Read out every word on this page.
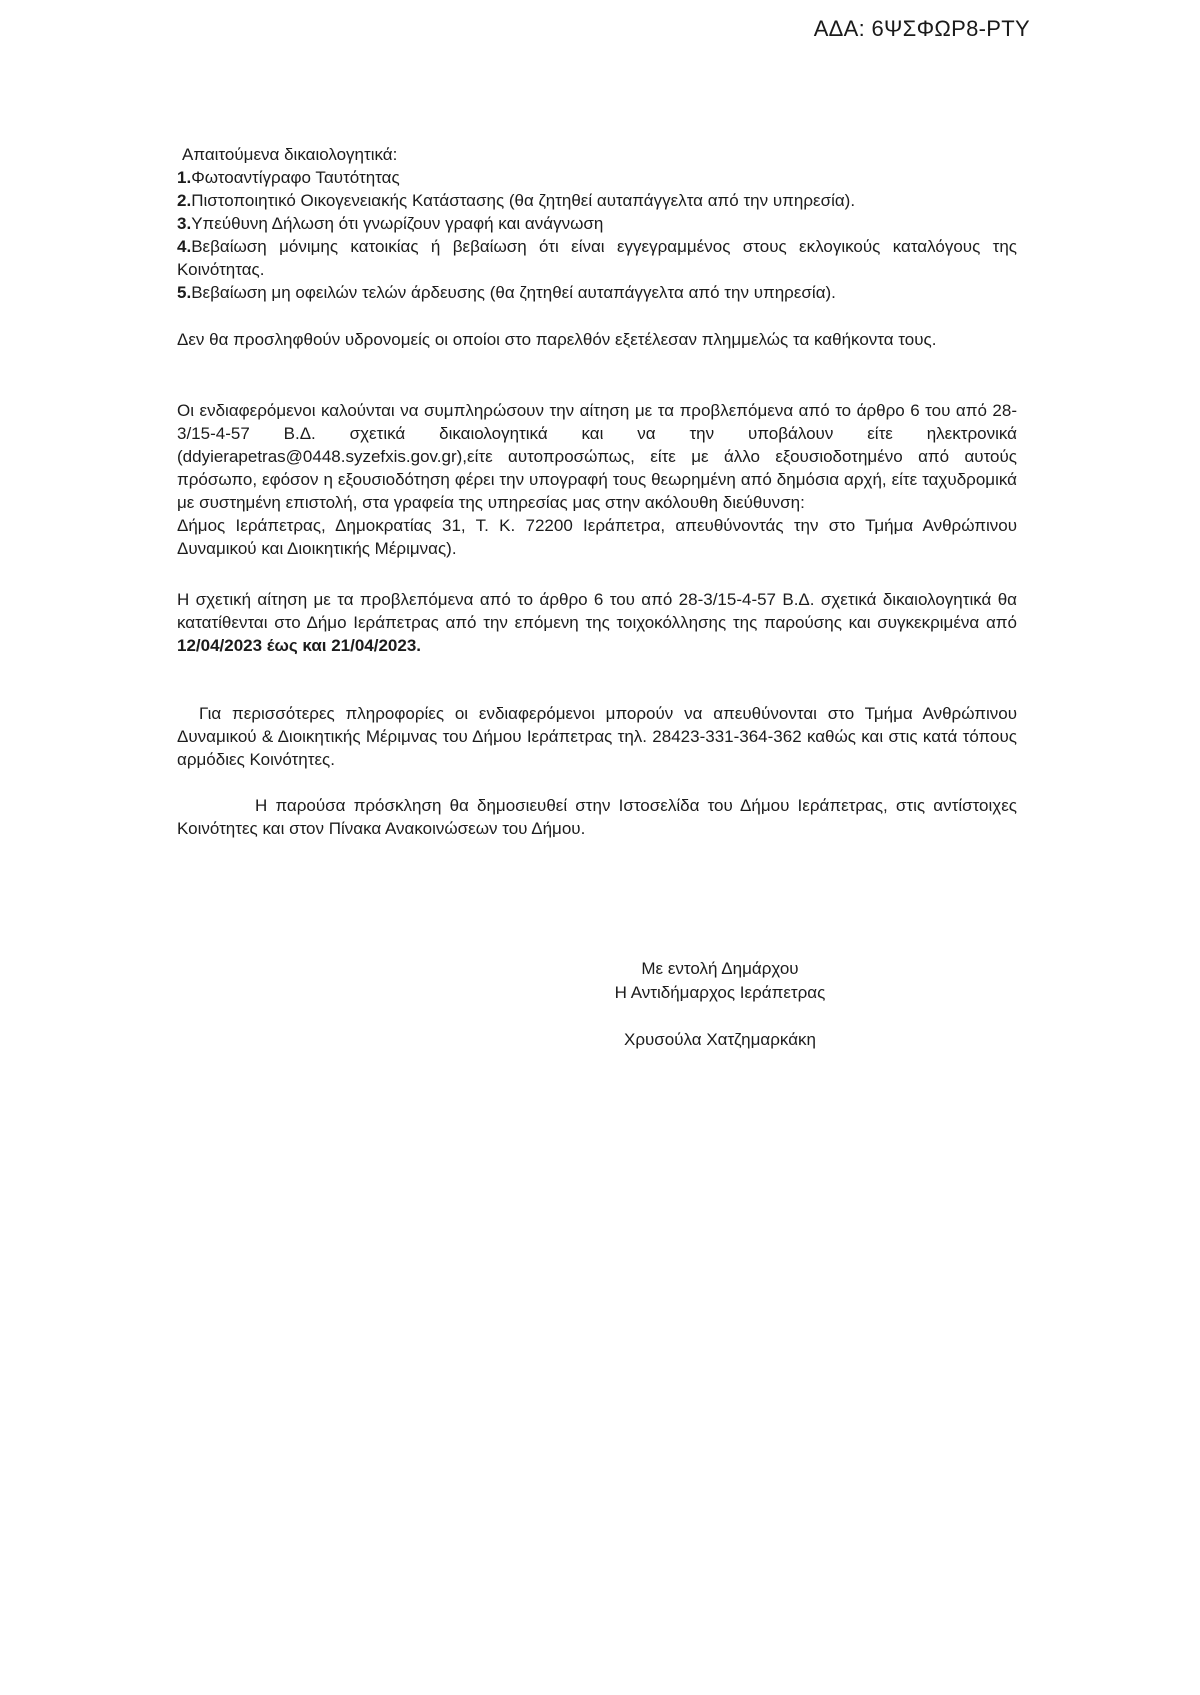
ΑΔΑ: 6ΨΣΦΩΡ8-ΡΤΥ
Απαιτούμενα δικαιολογητικά:
1.Φωτοαντίγραφο Ταυτότητας
2.Πιστοποιητικό Οικογενειακής Κατάστασης (θα ζητηθεί αυταπάγγελτα από την υπηρεσία).
3.Υπεύθυνη Δήλωση ότι γνωρίζουν γραφή και ανάγνωση
4.Βεβαίωση μόνιμης κατοικίας ή βεβαίωση ότι είναι εγγεγραμμένος στους εκλογικούς καταλόγους της Κοινότητας.
5.Βεβαίωση μη οφειλών τελών άρδευσης (θα ζητηθεί αυταπάγγελτα από την υπηρεσία).

Δεν θα προσληφθούν υδρονομείς οι οποίοι στο παρελθόν εξετέλεσαν πλημμελώς τα καθήκοντα τους.

Οι ενδιαφερόμενοι καλούνται να συμπληρώσουν την αίτηση με τα προβλεπόμενα από το άρθρο 6 του από 28-3/15-4-57 Β.Δ. σχετικά δικαιολογητικά και να την υποβάλουν είτε ηλεκτρονικά (ddyierapetras@0448.syzefxis.gov.gr),είτε αυτοπροσώπως, είτε με άλλο εξουσιοδοτημένο από αυτούς πρόσωπο, εφόσον η εξουσιοδότηση φέρει την υπογραφή τους θεωρημένη από δημόσια αρχή, είτε ταχυδρομικά με συστημένη επιστολή, στα γραφεία της υπηρεσίας μας στην ακόλουθη διεύθυνση:

Δήμος Ιεράπετρας, Δημοκρατίας 31, Τ. Κ. 72200 Ιεράπετρα, απευθύνοντάς την στο Τμήμα Ανθρώπινου Δυναμικού και Διοικητικής Μέριμνας).

Η σχετική αίτηση με τα προβλεπόμενα από το άρθρο 6 του από 28-3/15-4-57 Β.Δ. σχετικά δικαιολογητικά θα κατατίθενται στο Δήμο Ιεράπετρας από την επόμενη της τοιχοκόλλησης της παρούσης και συγκεκριμένα από 12/04/2023 έως και 21/04/2023.

Για περισσότερες πληροφορίες οι ενδιαφερόμενοι μπορούν να απευθύνονται στο Τμήμα Ανθρώπινου Δυναμικού & Διοικητικής Μέριμνας του Δήμου Ιεράπετρας τηλ. 28423-331-364-362 καθώς και στις κατά τόπους αρμόδιες Κοινότητες.

Η παρούσα πρόσκληση θα δημοσιευθεί στην Ιστοσελίδα του Δήμου Ιεράπετρας, στις αντίστοιχες Κοινότητες και στον Πίνακα Ανακοινώσεων του Δήμου.

Με εντολή Δημάρχου
Η Αντιδήμαρχος Ιεράπετρας
Χρυσούλα Χατζημαρκάκη
